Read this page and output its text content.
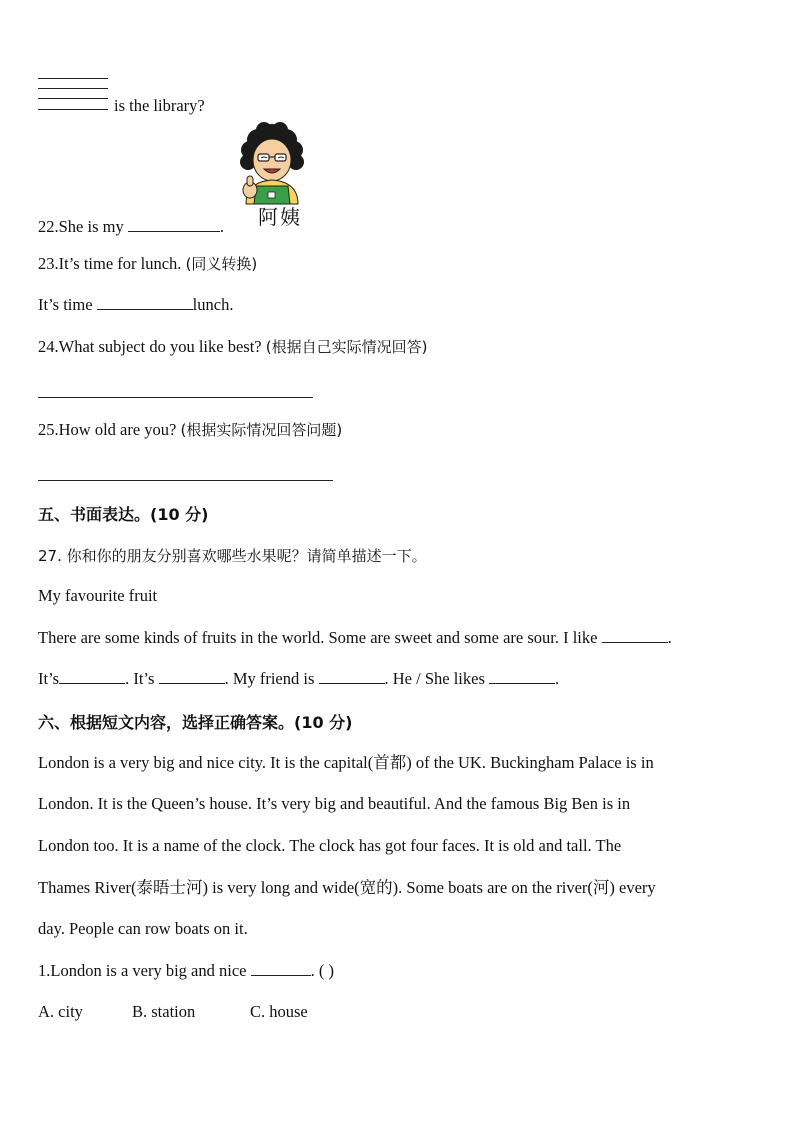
is the library?
阿姨
22.She is my	.
23.It’s time for lunch. (同义转换)
It’s time	lunch.
24.What subject do you like best? (根据自己实际情况回答)
25.How old are you? (根据实际情况回答问题)
五、书面表达。(10 分)
27. 你和你的朋友分别喜欢哪些水果呢？请简单描述一下。
My favourite fruit
There are some kinds of fruits in the world. Some are sweet and some are sour. I like	.
It’s	. It’s	. My friend is	. He / She likes	.
六、根据短文内容，选择正确答案。(10 分)
London is a very big and nice city. It is the capital(首都) of the UK. Buckingham Palace is in
London. It is the Queen’s house. It’s very big and beautiful. And the famous Big Ben is in
London too. It is a name of the clock. The clock has got four faces. It is old and tall. The
Thames River(泰晤士河) is very long and wide(宽的). Some boats are on the river(河) every
day. People can row boats on it.
1.London is a very big and nice	. ( )
A. city	B. station	C. house
